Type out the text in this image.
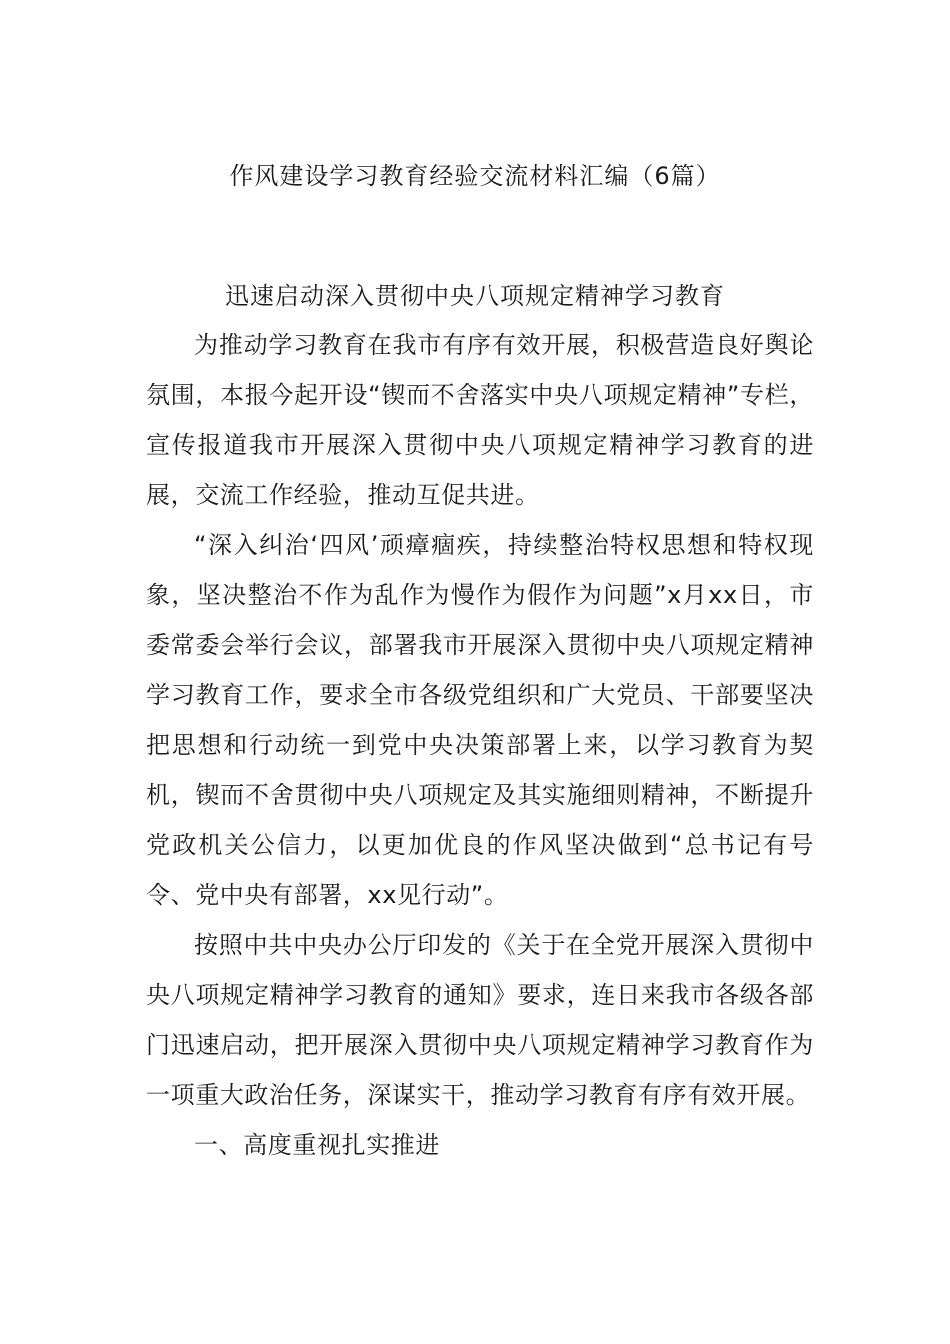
作风建设学习教育经验交流材料汇编（6篇）
迅速启动深入贯彻中央八项规定精神学习教育

为推动学习教育在我市有序有效开展，积极营造良好舆论氛围，本报今起开设“锲而不舍落实中央八项规定精神”专栏，宣传报道我市开展深入贯彻中央八项规定精神学习教育的进展，交流工作经验，推动互促共进。

“深入纠治‘四风’顽瘴痼疾，持续整治特权思想和特权现象，坚决整治不作为乱作为慢作为假作为问题”x月xx日，市委常委会举行会议，部署我市开展深入贯彻中央八项规定精神学习教育工作，要求全市各级党组织和广大党员、干部要坚决把思想和行动统一到党中央决策部署上来，以学习教育为契机，锲而不舍贯彻中央八项规定及其实施细则精神，不断提升党政机关公信力，以更加优良的作风坚决做到“总书记有号令、党中央有部署，xx见行动”。

按照中共中央办公厅印发的《关于在全党开展深入贯彻中央八项规定精神学习教育的通知》要求，连日来我市各级各部门迅速启动，把开展深入贯彻中央八项规定精神学习教育作为一项重大政治任务，深谋实干，推动学习教育有序有效开展。

一、高度重视扎实推进
